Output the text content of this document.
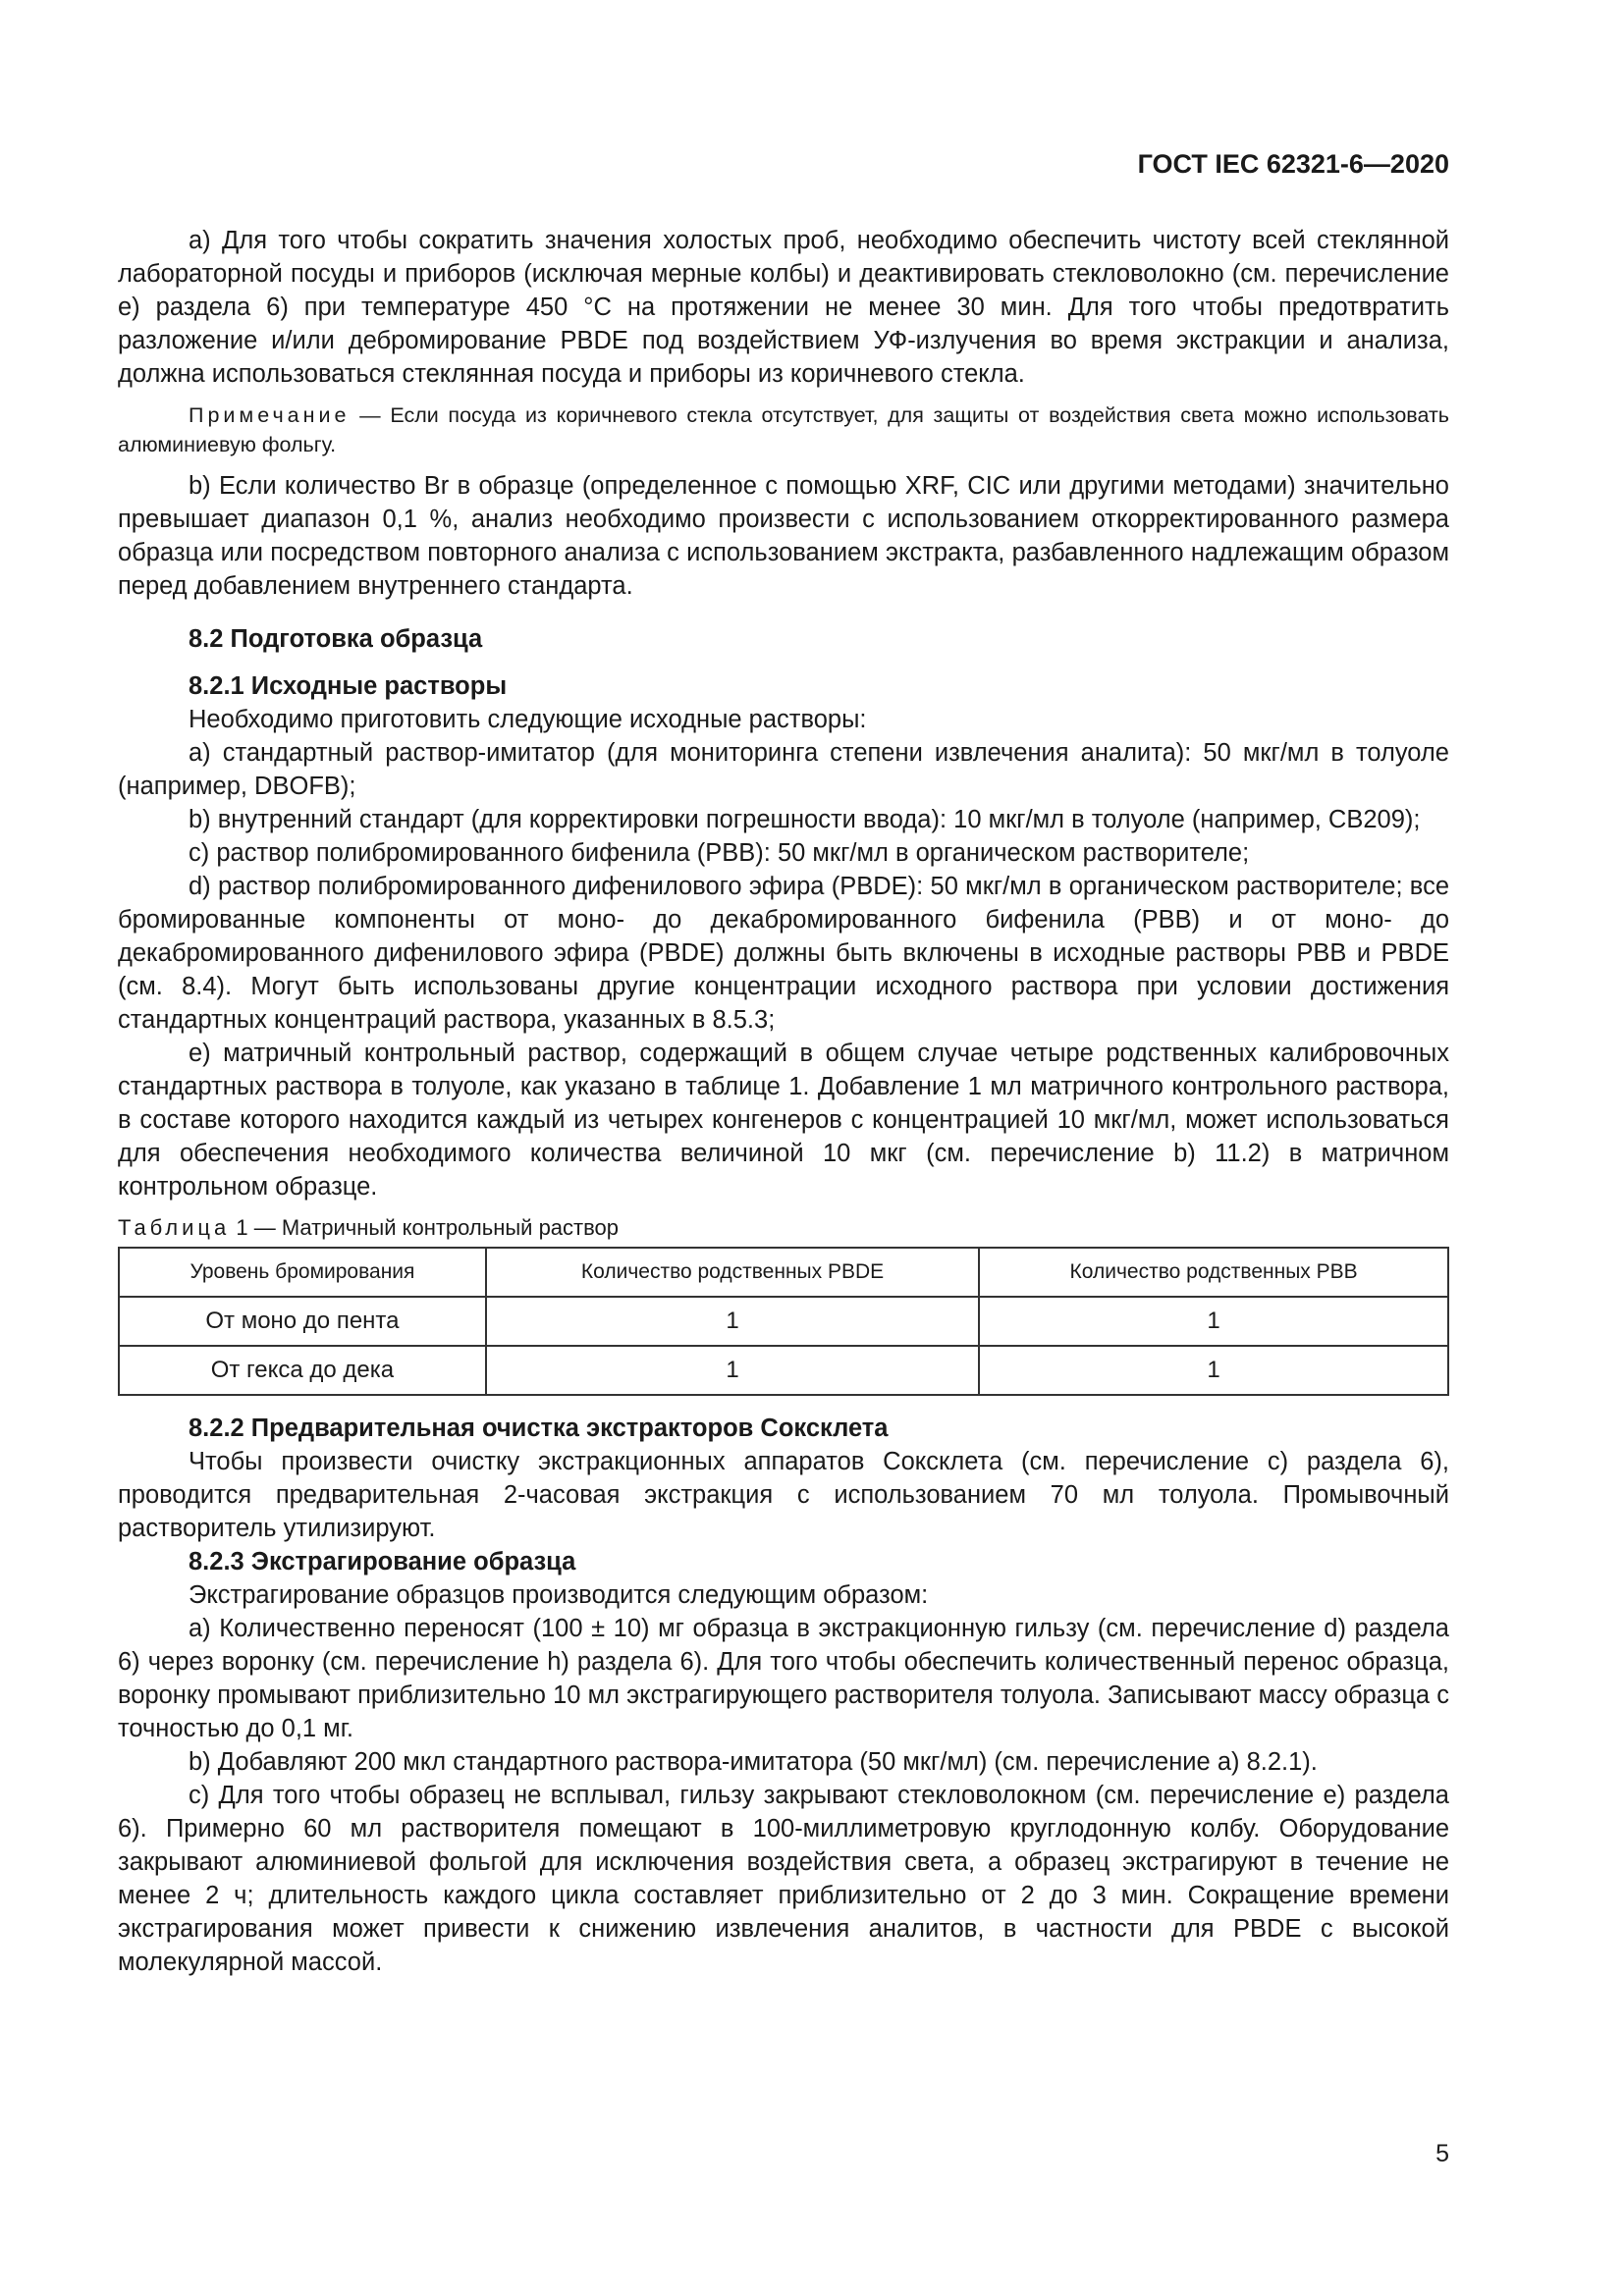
ГОСТ IEC 62321-6—2020

a) Для того чтобы сократить значения холостых проб, необходимо обеспечить чистоту всей стеклянной лабораторной посуды и приборов (исключая мерные колбы) и деактивировать стекловолокно (см. перечисление e) раздела 6) при температуре 450 °C на протяжении не менее 30 мин. Для того чтобы предотвратить разложение и/или дебромирование PBDE под воздействием УФ-излучения во время экстракции и анализа, должна использоваться стеклянная посуда и приборы из коричневого стекла.

Примечание — Если посуда из коричневого стекла отсутствует, для защиты от воздействия света можно использовать алюминиевую фольгу.

b) Если количество Br в образце (определенное с помощью XRF, CIC или другими методами) значительно превышает диапазон 0,1 %, анализ необходимо произвести с использованием откорректированного размера образца или посредством повторного анализа с использованием экстракта, разбавленного надлежащим образом перед добавлением внутреннего стандарта.

8.2 Подготовка образца

8.2.1 Исходные растворы

Необходимо приготовить следующие исходные растворы:

a) стандартный раствор-имитатор (для мониторинга степени извлечения аналита): 50 мкг/мл в толуоле (например, DBOFB);

b) внутренний стандарт (для корректировки погрешности ввода): 10 мкг/мл в толуоле (например, CB209);

c) раствор полибромированного бифенила (PBB): 50 мкг/мл в органическом растворителе;

d) раствор полибромированного дифенилового эфира (PBDE): 50 мкг/мл в органическом растворителе; все бромированные компоненты от моно- до декабромированного бифенила (PBB) и от моно- до декабромированного дифенилового эфира (PBDE) должны быть включены в исходные растворы PBB и PBDE (см. 8.4). Могут быть использованы другие концентрации исходного раствора при условии достижения стандартных концентраций раствора, указанных в 8.5.3;

e) матричный контрольный раствор, содержащий в общем случае четыре родственных калибровочных стандартных раствора в толуоле, как указано в таблице 1. Добавление 1 мл матричного контрольного раствора, в составе которого находится каждый из четырех конгенеров с концентрацией 10 мкг/мл, может использоваться для обеспечения необходимого количества величиной 10 мкг (см. перечисление b) 11.2) в матричном контрольном образце.

Таблица 1 — Матричный контрольный раствор

Уровень бромирования	Количество родственных PBDE	Количество родственных PBB
От моно до пента	1	1
От гекса до дека	1	1

8.2.2 Предварительная очистка экстракторов Соксклета

Чтобы произвести очистку экстракционных аппаратов Соксклета (см. перечисление c) раздела 6), проводится предварительная 2-часовая экстракция с использованием 70 мл толуола. Промывочный растворитель утилизируют.

8.2.3 Экстрагирование образца

Экстрагирование образцов производится следующим образом:

a) Количественно переносят (100 ± 10) мг образца в экстракционную гильзу (см. перечисление d) раздела 6) через воронку (см. перечисление h) раздела 6). Для того чтобы обеспечить количественный перенос образца, воронку промывают приблизительно 10 мл экстрагирующего растворителя толуола. Записывают массу образца с точностью до 0,1 мг.

b) Добавляют 200 мкл стандартного раствора-имитатора (50 мкг/мл) (см. перечисление a) 8.2.1).

c) Для того чтобы образец не всплывал, гильзу закрывают стекловолокном (см. перечисление e) раздела 6). Примерно 60 мл растворителя помещают в 100-миллиметровую круглодонную колбу. Оборудование закрывают алюминиевой фольгой для исключения воздействия света, а образец экстрагируют в течение не менее 2 ч; длительность каждого цикла составляет приблизительно от 2 до 3 мин. Сокращение времени экстрагирования может привести к снижению извлечения аналитов, в частности для PBDE с высокой молекулярной массой.

5
